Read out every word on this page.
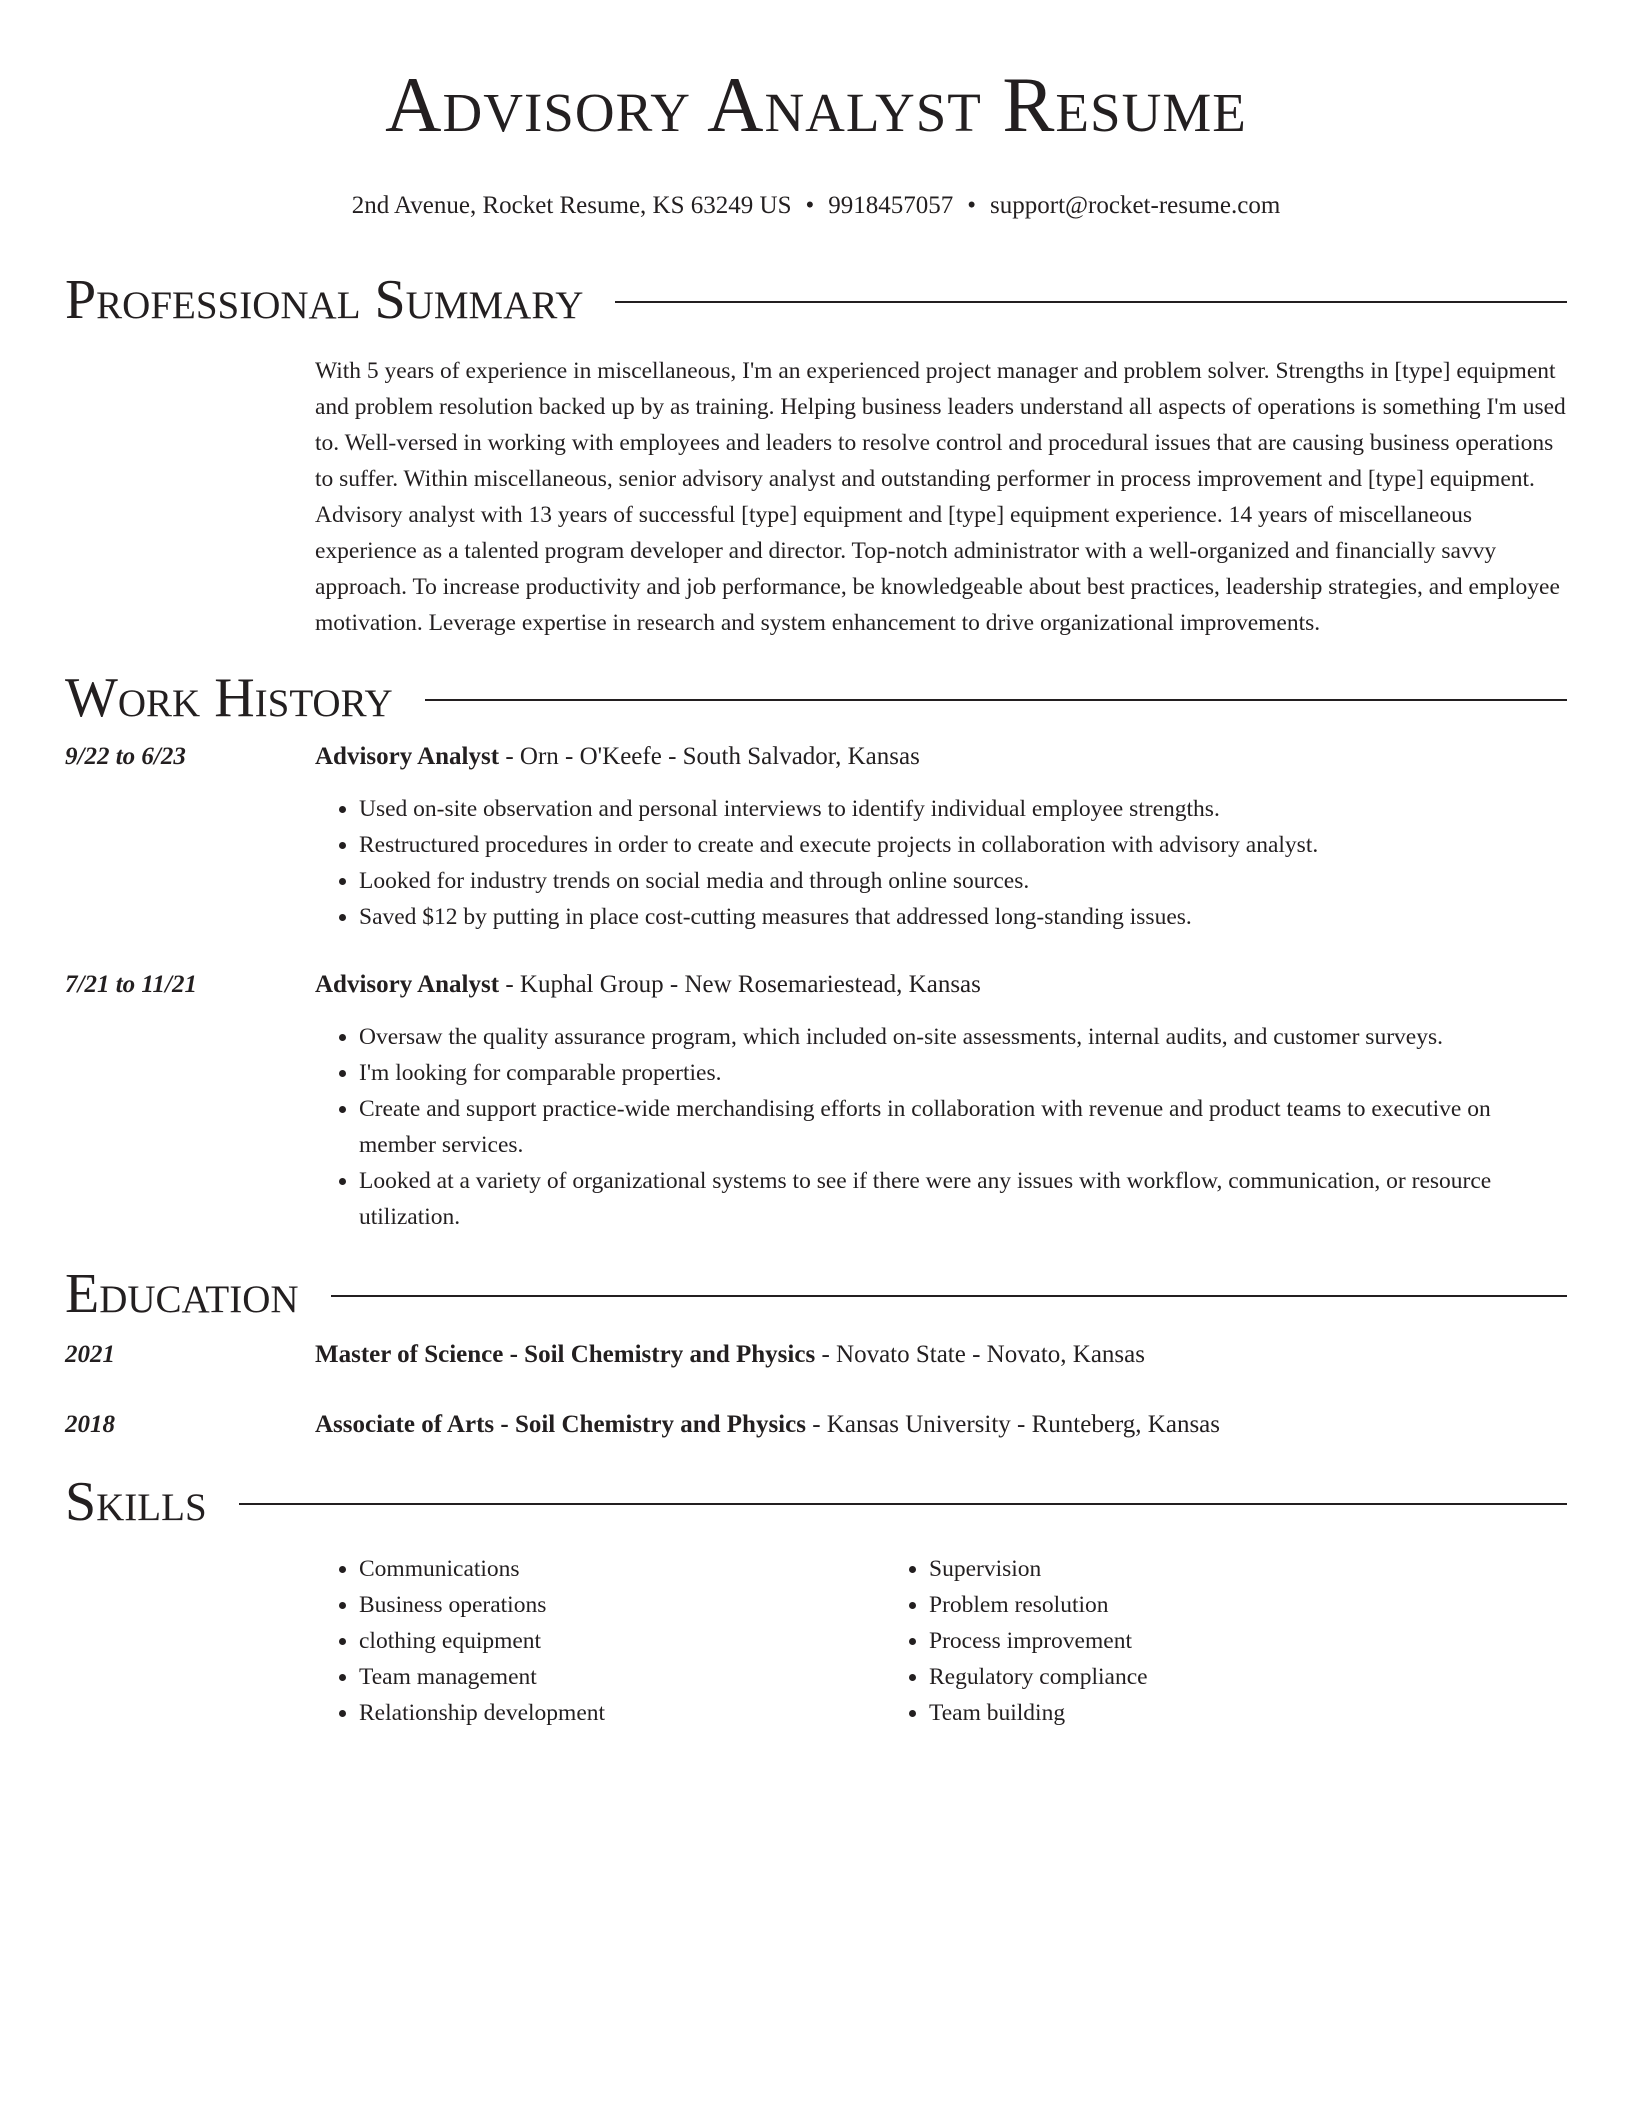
Advisory Analyst Resume
2nd Avenue, Rocket Resume, KS 63249 US • 9918457057 • support@rocket-resume.com
Professional Summary
With 5 years of experience in miscellaneous, I'm an experienced project manager and problem solver. Strengths in [type] equipment and problem resolution backed up by as training. Helping business leaders understand all aspects of operations is something I'm used to. Well-versed in working with employees and leaders to resolve control and procedural issues that are causing business operations to suffer. Within miscellaneous, senior advisory analyst and outstanding performer in process improvement and [type] equipment. Advisory analyst with 13 years of successful [type] equipment and [type] equipment experience. 14 years of miscellaneous experience as a talented program developer and director. Top-notch administrator with a well-organized and financially savvy approach. To increase productivity and job performance, be knowledgeable about best practices, leadership strategies, and employee motivation. Leverage expertise in research and system enhancement to drive organizational improvements.
Work History
9/22 to 6/23	Advisory Analyst - Orn - O'Keefe - South Salvador, Kansas
• Used on-site observation and personal interviews to identify individual employee strengths.
• Restructured procedures in order to create and execute projects in collaboration with advisory analyst.
• Looked for industry trends on social media and through online sources.
• Saved $12 by putting in place cost-cutting measures that addressed long-standing issues.
7/21 to 11/21	Advisory Analyst - Kuphal Group - New Rosemariestead, Kansas
• Oversaw the quality assurance program, which included on-site assessments, internal audits, and customer surveys.
• I'm looking for comparable properties.
• Create and support practice-wide merchandising efforts in collaboration with revenue and product teams to executive on member services.
• Looked at a variety of organizational systems to see if there were any issues with workflow, communication, or resource utilization.
Education
2021	Master of Science - Soil Chemistry and Physics - Novato State - Novato, Kansas
2018	Associate of Arts - Soil Chemistry and Physics - Kansas University - Runteberg, Kansas
Skills
• Communications
• Business operations
• clothing equipment
• Team management
• Relationship development
• Supervision
• Problem resolution
• Process improvement
• Regulatory compliance
• Team building
